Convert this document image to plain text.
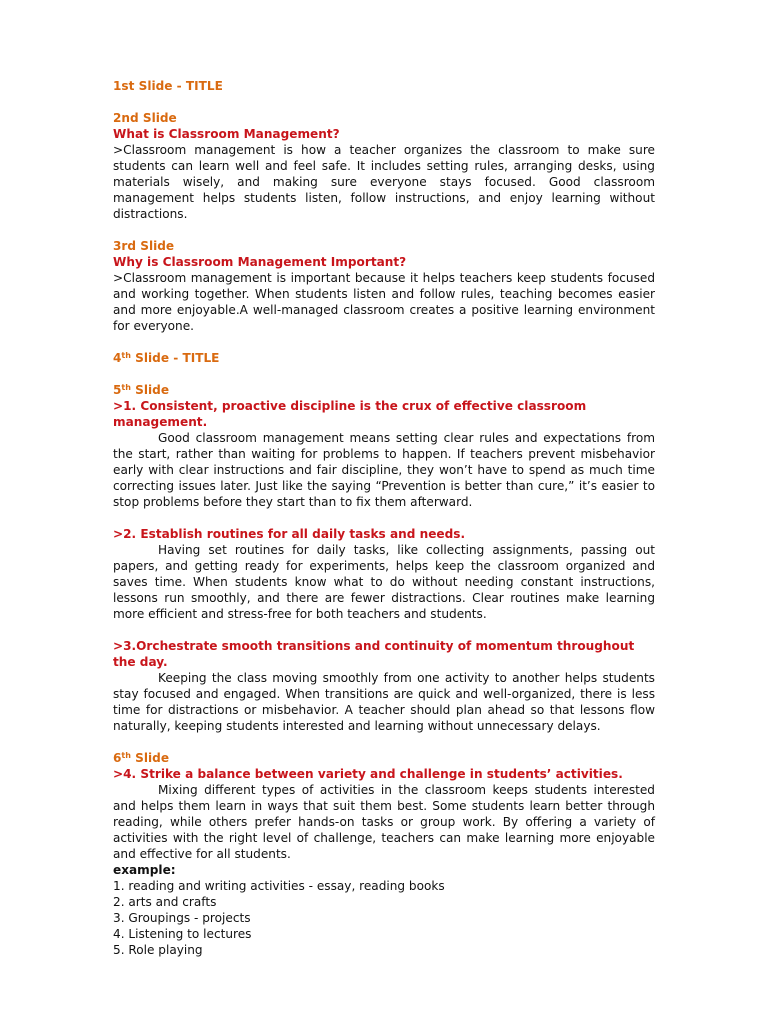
1st Slide - TITLE

2nd Slide

What is Classroom Management?

>Classroom management is how a teacher organizes the classroom to make sure students can learn well and feel safe. It includes setting rules, arranging desks, using materials wisely, and making sure everyone stays focused. Good classroom management helps students listen, follow instructions, and enjoy learning without distractions.

3rd Slide

Why is Classroom Management Important?

>Classroom management is important because it helps teachers keep students focused and working together. When students listen and follow rules, teaching becomes easier and more enjoyable.A well-managed classroom creates a positive learning environment for everyone.

4th Slide - TITLE

5th Slide

>1. Consistent, proactive discipline is the crux of effective classroom management.

Good classroom management means setting clear rules and expectations from the start, rather than waiting for problems to happen. If teachers prevent misbehavior early with clear instructions and fair discipline, they won’t have to spend as much time correcting issues later. Just like the saying “Prevention is better than cure,” it’s easier to stop problems before they start than to fix them afterward.

>2. Establish routines for all daily tasks and needs.

Having set routines for daily tasks, like collecting assignments, passing out papers, and getting ready for experiments, helps keep the classroom organized and saves time. When students know what to do without needing constant instructions, lessons run smoothly, and there are fewer distractions. Clear routines make learning more efficient and stress-free for both teachers and students.

>3.Orchestrate smooth transitions and continuity of momentum throughout the day.

Keeping the class moving smoothly from one activity to another helps students stay focused and engaged. When transitions are quick and well-organized, there is less time for distractions or misbehavior. A teacher should plan ahead so that lessons flow naturally, keeping students interested and learning without unnecessary delays.

6th Slide

>4. Strike a balance between variety and challenge in students’ activities.

Mixing different types of activities in the classroom keeps students interested and helps them learn in ways that suit them best. Some students learn better through reading, while others prefer hands-on tasks or group work. By offering a variety of activities with the right level of challenge, teachers can make learning more enjoyable and effective for all students.

example:

1. reading and writing activities - essay, reading books
2. arts and crafts
3. Groupings - projects
4. Listening to lectures
5. Role playing
